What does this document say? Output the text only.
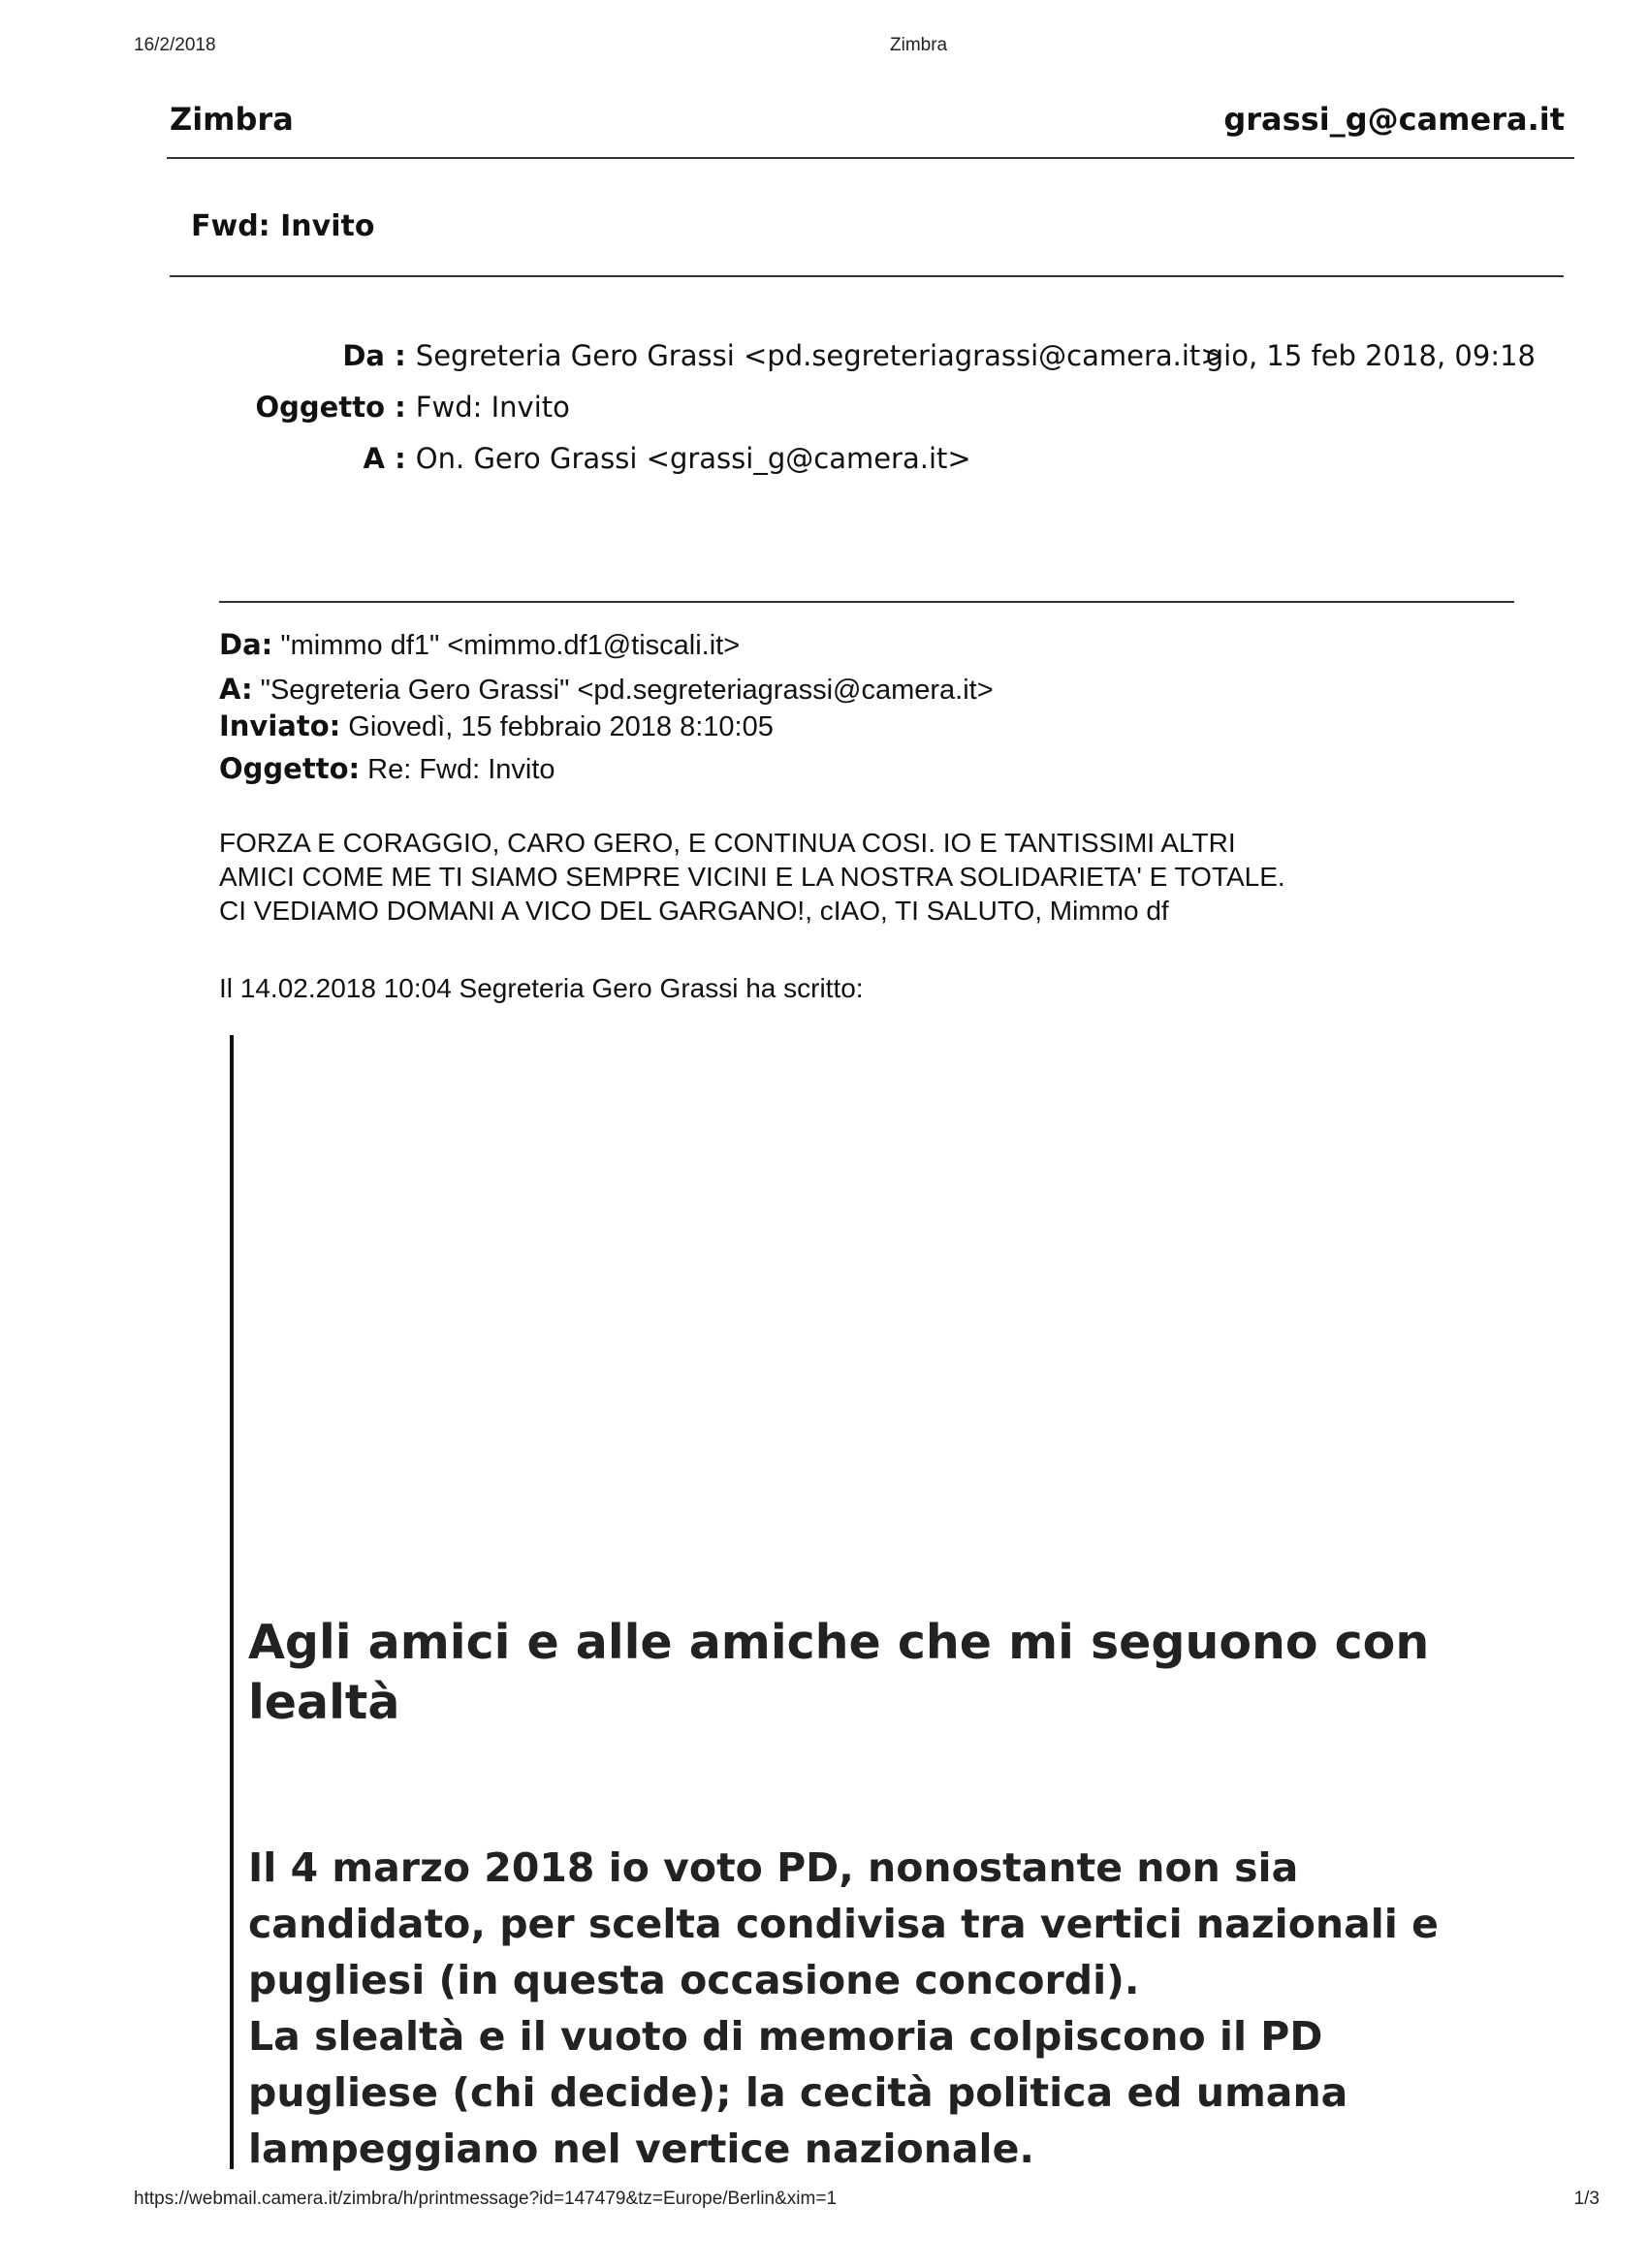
16/2/2018	Zimbra
Zimbra	grassi_g@camera.it
Fwd: Invito
Da : Segreteria Gero Grassi <pd.segreteriagrassi@camera.it>
gio, 15 feb 2018, 09:18
Oggetto : Fwd: Invito
A : On. Gero Grassi <grassi_g@camera.it>
Da: "mimmo df1" <mimmo.df1@tiscali.it>
A: "Segreteria Gero Grassi" <pd.segreteriagrassi@camera.it>
Inviato: Giovedì, 15 febbraio 2018 8:10:05
Oggetto: Re: Fwd: Invito
FORZA E CORAGGIO, CARO GERO, E CONTINUA COSI. IO E TANTISSIMI ALTRI
AMICI COME ME TI SIAMO SEMPRE VICINI E LA NOSTRA SOLIDARIETA' E TOTALE.
CI VEDIAMO DOMANI A VICO DEL GARGANO!, cIAO, TI SALUTO, Mimmo df
Il 14.02.2018 10:04 Segreteria Gero Grassi ha scritto:
Agli amici e alle amiche che mi seguono con lealtà
Il 4 marzo 2018 io voto PD, nonostante non sia
candidato, per scelta condivisa tra vertici nazionali e
pugliesi (in questa occasione concordi).
La slealtà e il vuoto di memoria colpiscono il PD
pugliese (chi decide); la cecità politica ed umana
lampeggiano nel vertice nazionale.
https://webmail.camera.it/zimbra/h/printmessage?id=147479&tz=Europe/Berlin&xim=1	1/3
